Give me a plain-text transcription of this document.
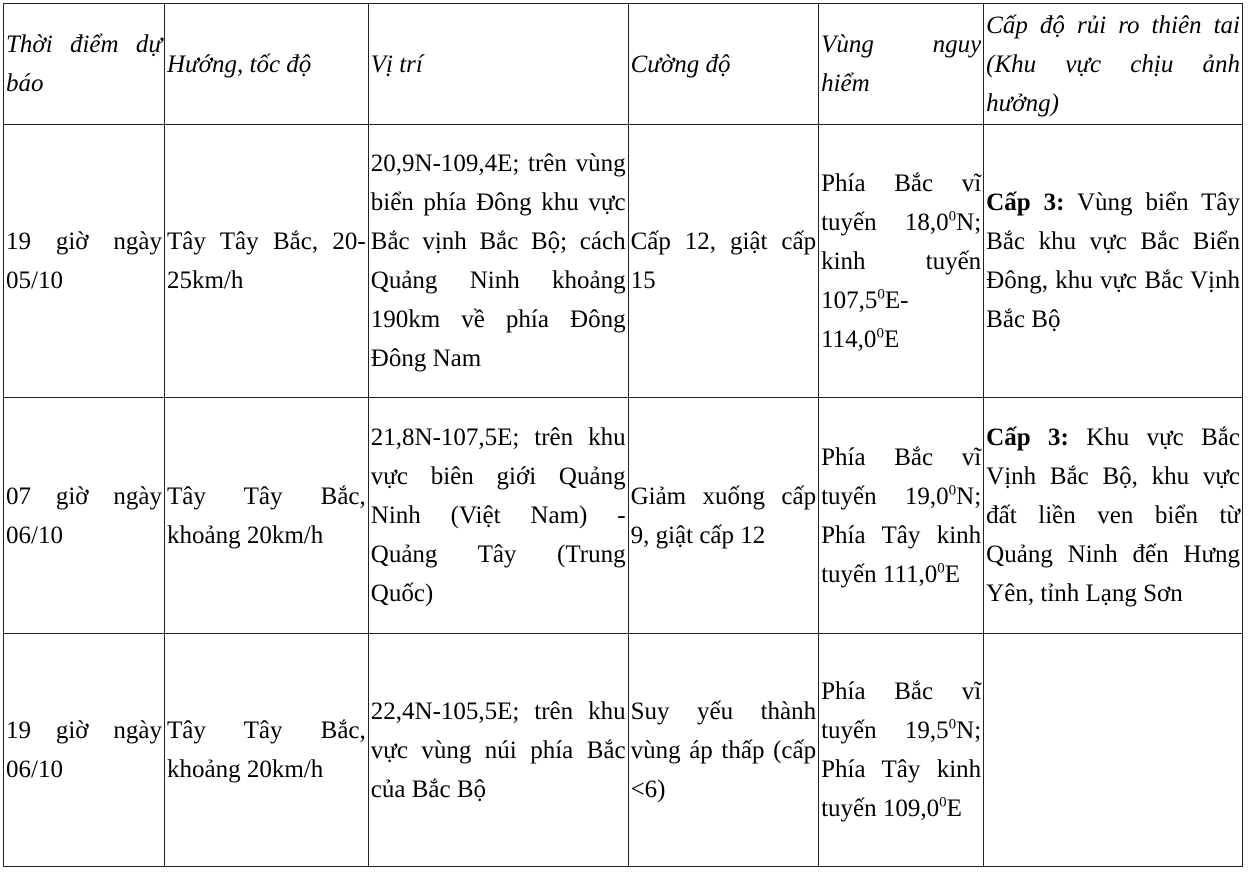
Thời điểm dự báo	Hướng, tốc độ	Vị trí	Cường độ	Vùng nguy hiểm	Cấp độ rủi ro thiên tai (Khu vực chịu ảnh hưởng)
19 giờ ngày 05/10	Tây Tây Bắc, 20-25km/h	20,9N-109,4E; trên vùng biển phía Đông khu vực Bắc vịnh Bắc Bộ; cách Quảng Ninh khoảng 190km về phía Đông Đông Nam	Cấp 12, giật cấp 15	Phía Bắc vĩ tuyến 18,0$^0$N; kinh tuyến 107,5$^0$E-114,0$^0$E	Cấp 3: Vùng biển Tây Bắc khu vực Bắc Biển Đông, khu vực Bắc Vịnh Bắc Bộ
07 giờ ngày 06/10	Tây Tây Bắc, khoảng 20km/h	21,8N-107,5E; trên khu vực biên giới Quảng Ninh (Việt Nam) - Quảng Tây (Trung Quốc)	Giảm xuống cấp 9, giật cấp 12	Phía Bắc vĩ tuyến 19,0$^0$N; Phía Tây kinh tuyến 111,0$^0$E	Cấp 3: Khu vực Bắc Vịnh Bắc Bộ, khu vực đất liền ven biển từ Quảng Ninh đến Hưng Yên, tỉnh Lạng Sơn
19 giờ ngày 06/10	Tây Tây Bắc, khoảng 20km/h	22,4N-105,5E; trên khu vực vùng núi phía Bắc của Bắc Bộ	Suy yếu thành vùng áp thấp (cấp <6)	Phía Bắc vĩ tuyến 19,5$^0$N; Phía Tây kinh tuyến 109,0$^0$E	
